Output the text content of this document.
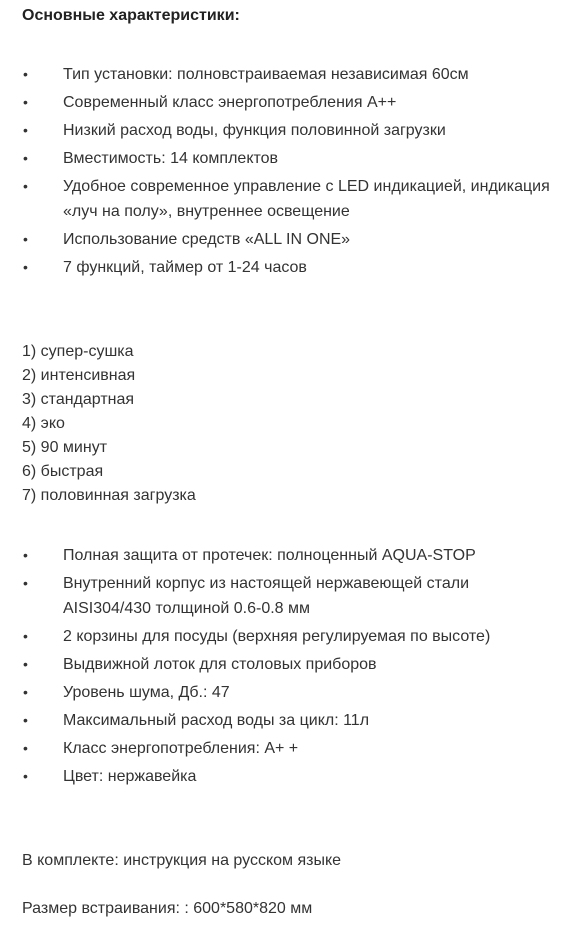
Основные характеристики:
•	Тип установки: полновстраиваемая независимая 60см
•	Современный класс энергопотребления А++
•	Низкий расход воды, функция половинной загрузки
•	Вместимость: 14 комплектов
•	Удобное современное управление с LED индикацией, индикация «луч на полу», внутреннее освещение
•	Использование средств «ALL IN ONE»
•	7 функций, таймер от 1-24 часов
1) супер-сушка
2) интенсивная
3) стандартная
4) эко
5) 90 минут
6) быстрая
7) половинная загрузка
•	Полная защита от протечек: полноценный AQUA-STOP
•	Внутренний корпус из настоящей нержавеющей стали AISI304/430 толщиной 0.6-0.8 мм
•	2 корзины для посуды (верхняя регулируемая по высоте)
•	Выдвижной лоток для столовых приборов
•	Уровень шума, Дб.: 47
•	Максимальный расход воды за цикл: 11л
•	Класс энергопотребления: А+ +
•	Цвет: нержавейка
В комплекте: инструкция на русском языке
Размер встраивания: : 600*580*820 мм
